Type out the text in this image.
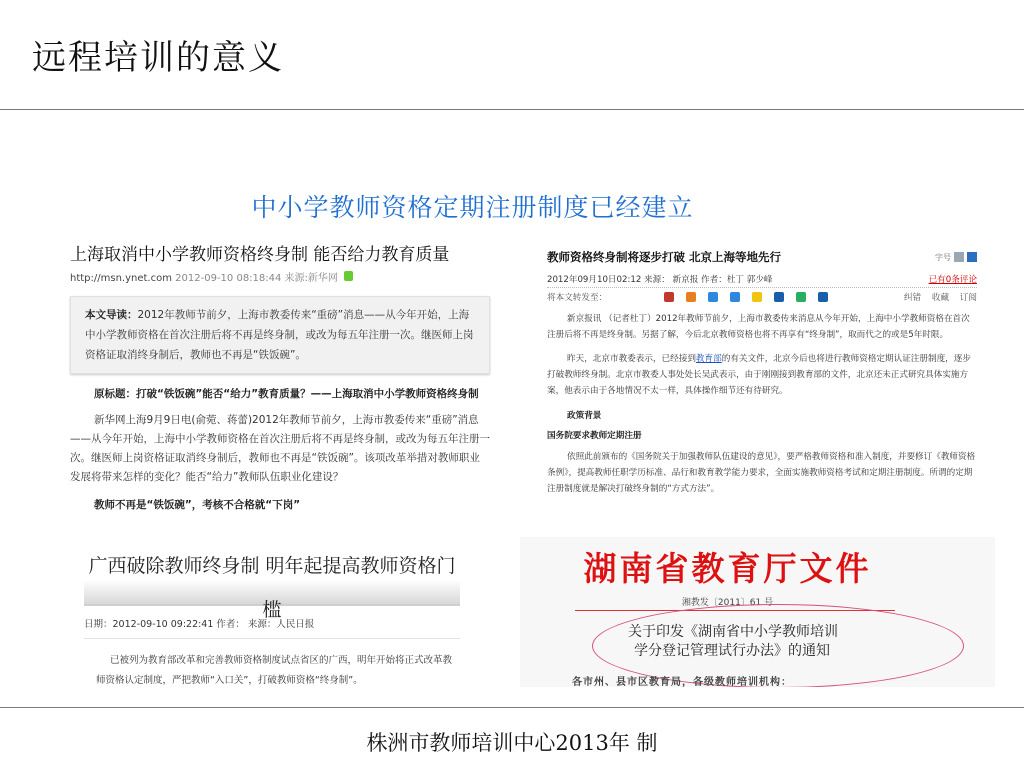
远程培训的意义
中小学教师资格定期注册制度已经建立
上海取消中小学教师资格终身制 能否给力教育质量
http://msn.ynet.com 2012-09-10 08:18:44 来源:新华网
本文导读：2012年教师节前夕，上海市教委传来“重磅”消息——从今年开始，上海中小学教师资格在首次注册后将不再是终身制，或改为每五年注册一次。继医师上岗资格证取消终身制后，教师也不再是“铁饭碗”。
原标题：打破“铁饭碗”能否“给力”教育质量？——上海取消中小学教师资格终身制
新华网上海9月9日电(俞菀、蒋蕾)2012年教师节前夕，上海市教委传来“重磅”消息——从今年开始，上海中小学教师资格在首次注册后将不再是终身制，或改为每五年注册一次。继医师上岗资格证取消终身制后，教师也不再是“铁饭碗”。该项改革举措对教师职业发展将带来怎样的变化？能否“给力”教师队伍职业化建设？
教师不再是“铁饭碗”，考核不合格就“下岗”
广西破除教师终身制 明年起提高教师资格门槛
日期：2012-09-10 09:22:41 作者： 来源：人民日报
已被列为教育部改革和完善教师资格制度试点省区的广西，明年开始将正式改革教师资格认定制度，严把教师“入口关”，打破教师资格“终身制”。
教师资格终身制将逐步打破 北京上海等地先行	字号
2012年09月10日02:12 来源： 新京报 作者：杜丁 郭少峰	已有0条评论
将本文转发至：	纠错 收藏 订阅
新京报讯 （记者杜丁）2012年教师节前夕，上海市教委传来消息从今年开始，上海中小学教师资格在首次注册后将不再是终身制。另据了解，今后北京教师资格也将不再享有“终身制”，取而代之的或是5年时限。
昨天，北京市教委表示，已经接到教育部的有关文件，北京今后也将进行教师资格定期认证注册制度，逐步打破教师终身制。北京市教委人事处处长吴武表示，由于刚刚接到教育部的文件，北京还未正式研究具体实施方案，他表示由于各地情况不太一样，具体操作细节还有待研究。
政策背景
国务院要求教师定期注册
依照此前颁布的《国务院关于加强教师队伍建设的意见》，要严格教师资格和准入制度，并要修订《教师资格条例》，提高教师任职学历标准、品行和教育教学能力要求，全面实施教师资格考试和定期注册制度。所谓的定期注册制度就是解决打破终身制的“方式方法”。
湖南省教育厅文件
湘教发〔2011〕61 号
关于印发《湖南省中小学教师培训
学分登记管理试行办法》的通知
各市州、县市区教育局，各级教师培训机构：
株洲市教师培训中心2013年 制
